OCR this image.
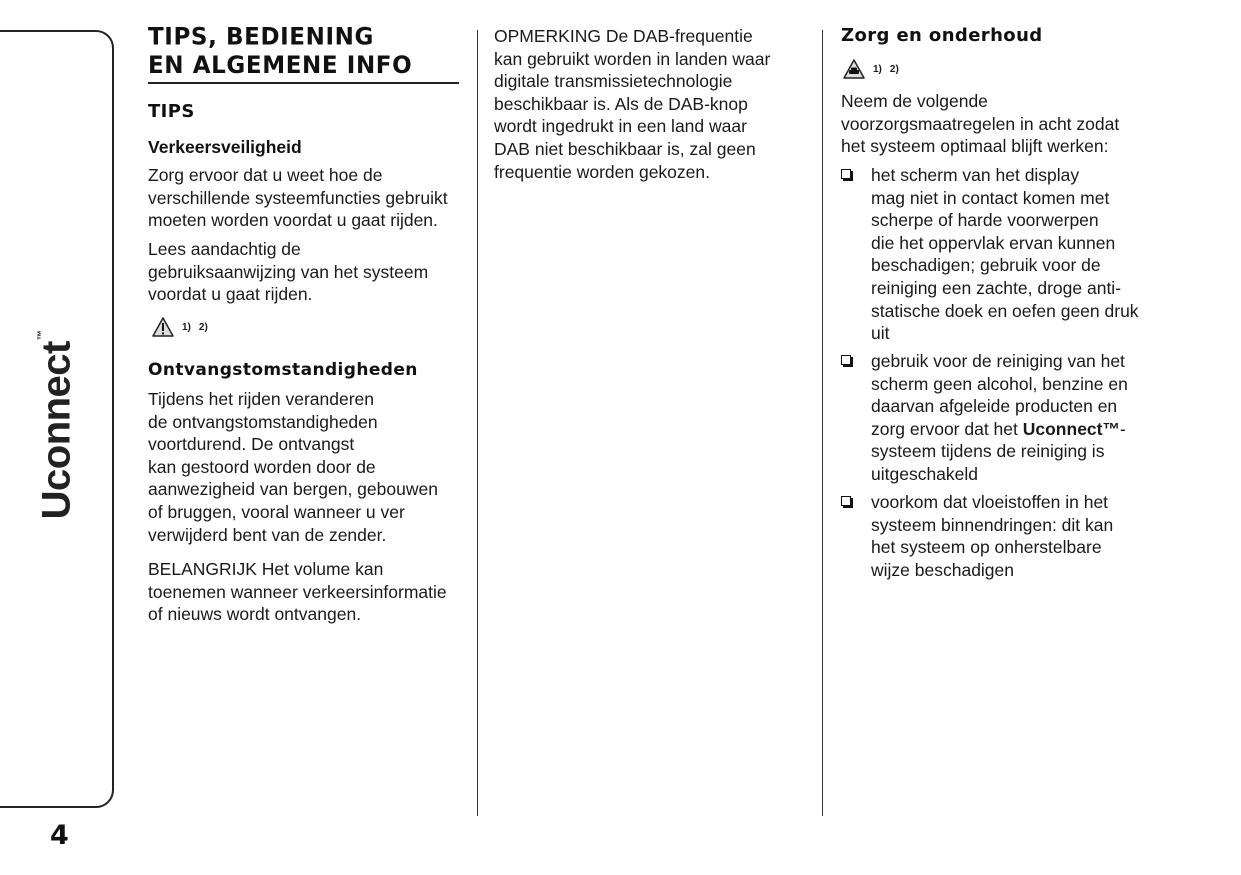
Uconnect™
4
TIPS, BEDIENING
EN ALGEMENE INFO
TIPS
Verkeersveiligheid
Zorg ervoor dat u weet hoe de
verschillende systeemfuncties gebruikt
moeten worden voordat u gaat rijden.
Lees aandachtig de
gebruiksaanwijzing van het systeem
voordat u gaat rijden.
1) 2)
Ontvangstomstandigheden
Tijdens het rijden veranderen
de ontvangstomstandigheden
voortdurend. De ontvangst
kan gestoord worden door de
aanwezigheid van bergen, gebouwen
of bruggen, vooral wanneer u ver
verwijderd bent van de zender.
BELANGRIJK Het volume kan
toenemen wanneer verkeersinformatie
of nieuws wordt ontvangen.
OPMERKING De DAB-frequentie
kan gebruikt worden in landen waar
digitale transmissietechnologie
beschikbaar is. Als de DAB-knop
wordt ingedrukt in een land waar
DAB niet beschikbaar is, zal geen
frequentie worden gekozen.
Zorg en onderhoud
1) 2)
Neem de volgende
voorzorgsmaatregelen in acht zodat
het systeem optimaal blijft werken:
het scherm van het display
mag niet in contact komen met
scherpe of harde voorwerpen
die het oppervlak ervan kunnen
beschadigen; gebruik voor de
reiniging een zachte, droge anti-
statische doek en oefen geen druk
uit
gebruik voor de reiniging van het
scherm geen alcohol, benzine en
daarvan afgeleide producten en
zorg ervoor dat het Uconnect™-
systeem tijdens de reiniging is
uitgeschakeld
voorkom dat vloeistoffen in het
systeem binnendringen: dit kan
het systeem op onherstelbare
wijze beschadigen
